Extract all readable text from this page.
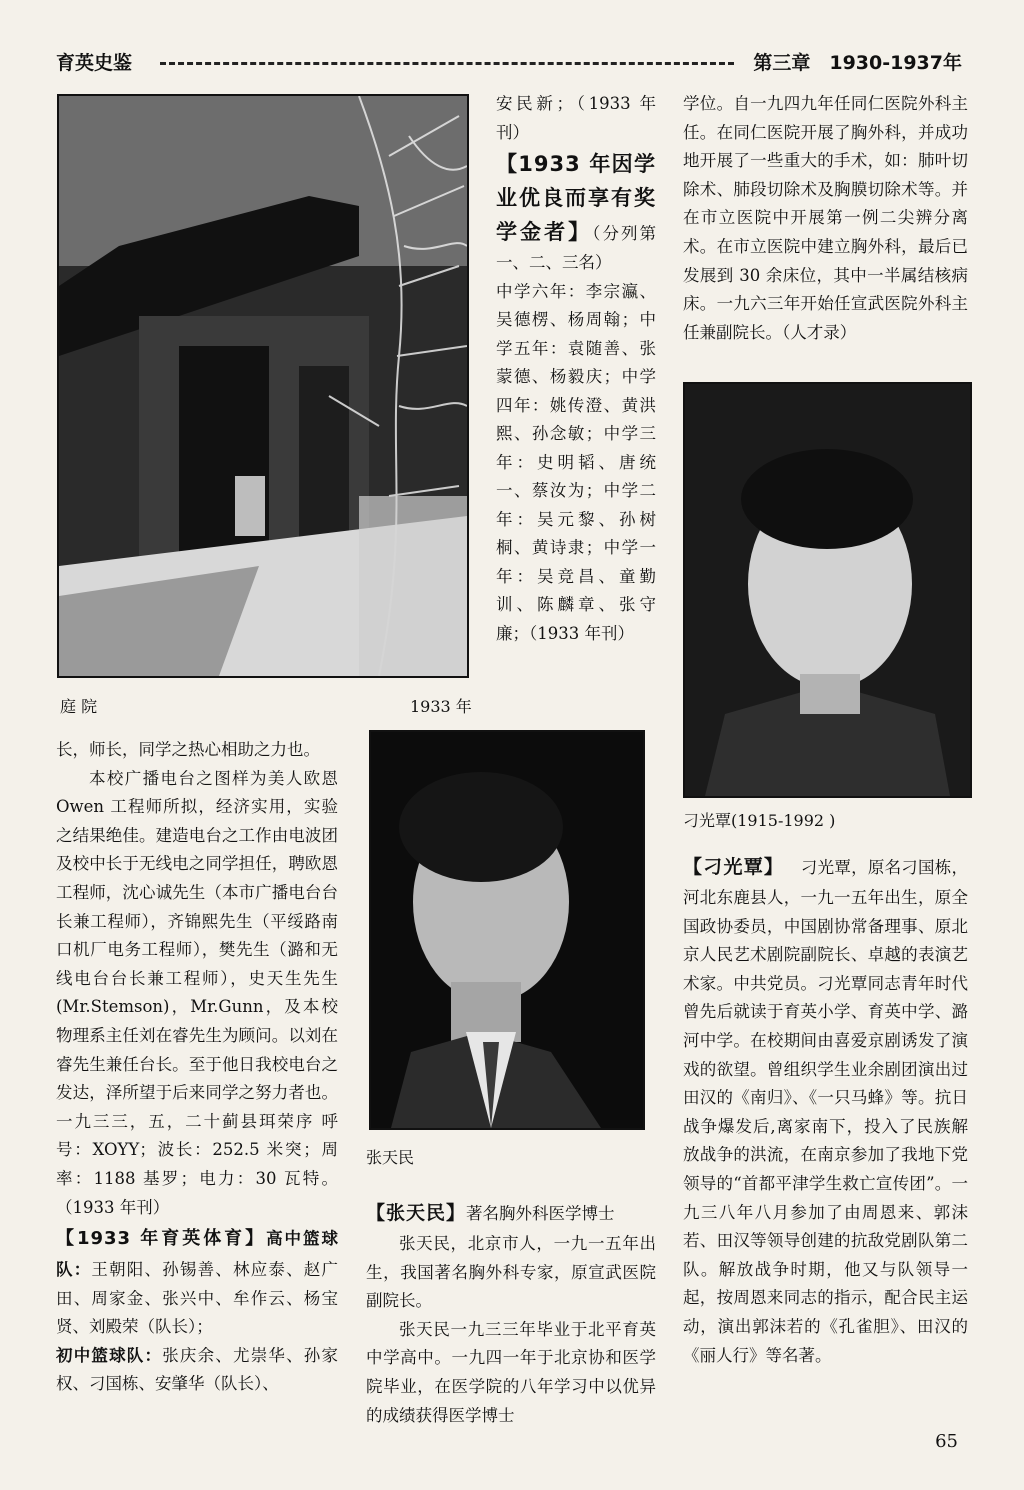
育英史鉴	第三章　1930-1937年
庭 院	1933 年
张天民
刁光覃(1915-1992 )

长，师长，同学之热心相助之力也。

本校广播电台之图样为美人欧恩 Owen 工程师所拟，经济实用，实验之结果绝佳。建造电台之工作由电波团及校中长于无线电之同学担任，聘欧恩工程师，沈心诚先生（本市广播电台台长兼工程师），齐锦熙先生（平绥路南口机厂电务工程师），樊先生（潞和无线电台台长兼工程师），史天生先生(Mr.Stemson)，Mr.Gunn，及本校物理系主任刘在睿先生为顾问。以刘在睿先生兼任台长。至于他日我校电台之发达，泽所望于后来同学之努力者也。一九三三，五，二十蓟县珥荣序 呼号：XOYY；波长：252.5 米突；周率：1188 基罗；电力：30 瓦特。（1933 年刊）

【1933 年育英体育】高中篮球队：王朝阳、孙锡善、林应泰、赵广田、周家金、张兴中、牟作云、杨宝贤、刘殿荣（队长）；

初中篮球队：张庆余、尤崇华、孙家权、刁国栋、安肇华（队长）、

安民新；（1933 年刊）

【1933 年因学业优良而享有奖学金者】（分列第一、二、三名）

中学六年：李宗瀛、吴德楞、杨周翰；中学五年：袁随善、张蒙德、杨毅庆；中学四年：姚传澄、黄洪熙、孙念敏；中学三年：史明韬、唐统一、蔡汝为；中学二年：吴元黎、孙树桐、黄诗隶；中学一年：吴竞昌、童勤训、陈麟章、张守廉；（1933 年刊）

【张天民】著名胸外科医学博士

张天民，北京市人，一九一五年出生，我国著名胸外科专家，原宣武医院副院长。

张天民一九三三年毕业于北平育英中学高中。一九四一年于北京协和医学院毕业，在医学院的八年学习中以优异的成绩获得医学博士

学位。自一九四九年任同仁医院外科主任。在同仁医院开展了胸外科，并成功地开展了一些重大的手术，如：肺叶切除术、肺段切除术及胸膜切除术等。并在市立医院中开展第一例二尖辨分离术。在市立医院中建立胸外科，最后已发展到 30 余床位，其中一半属结核病床。一九六三年开始任宣武医院外科主任兼副院长。（人才录）

【刁光覃】  刁光覃，原名刁国栋，河北东鹿县人，一九一五年出生，原全国政协委员，中国剧协常备理事、原北京人民艺术剧院副院长、卓越的表演艺术家。中共党员。刁光覃同志青年时代曾先后就读于育英小学、育英中学、潞河中学。在校期间由喜爱京剧诱发了演戏的欲望。曾组织学生业余剧团演出过田汉的《南归》、《一只马蜂》等。抗日战争爆发后,离家南下，投入了民族解放战争的洪流，在南京参加了我地下党领导的“首都平津学生救亡宣传团”。一九三八年八月参加了由周恩来、郭沫若、田汉等领导创建的抗敌党剧队第二队。解放战争时期，他又与队领导一起，按周恩来同志的指示，配合民主运动，演出郭沫若的《孔雀胆》、田汉的《丽人行》等名著。

65
